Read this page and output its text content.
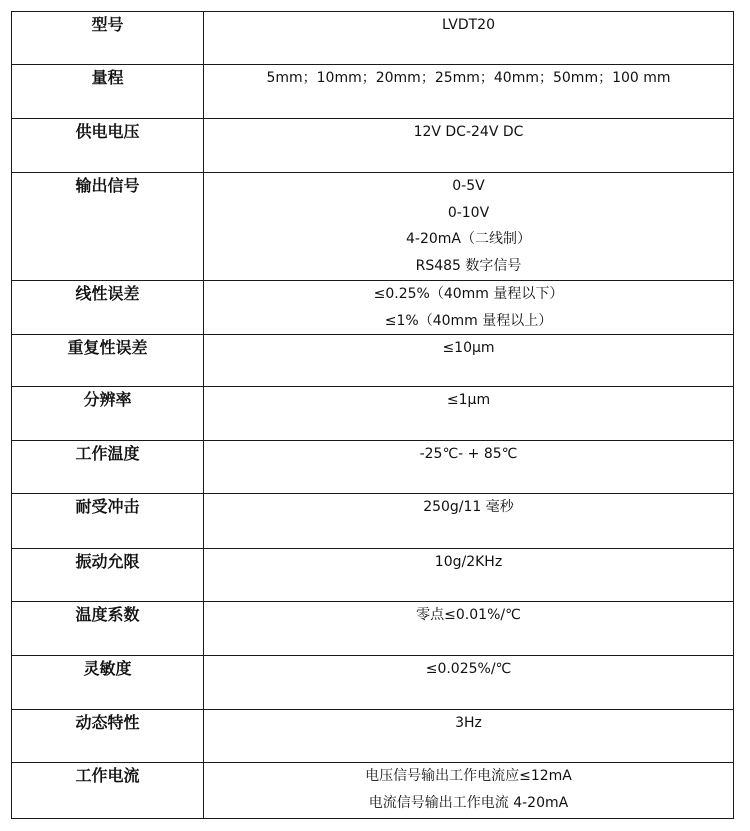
型号	LVDT20

量程	5mm；10mm；20mm；25mm；40mm；50mm；100 mm

供电电压	12V DC-24V DC

输出信号	0-5V
0-10V
4-20mA（二线制）
RS485 数字信号

线性误差	≤0.25%（40mm 量程以下）
≤1%（40mm 量程以上）

重复性误差	≤10μm

分辨率	≤1μm

工作温度	-25℃- + 85℃

耐受冲击	250g/11 毫秒

振动允限	10g/2KHz

温度系数	零点≤0.01%/℃

灵敏度	≤0.025%/℃

动态特性	3Hz

工作电流	电压信号输出工作电流应≤12mA
电流信号输出工作电流 4-20mA
